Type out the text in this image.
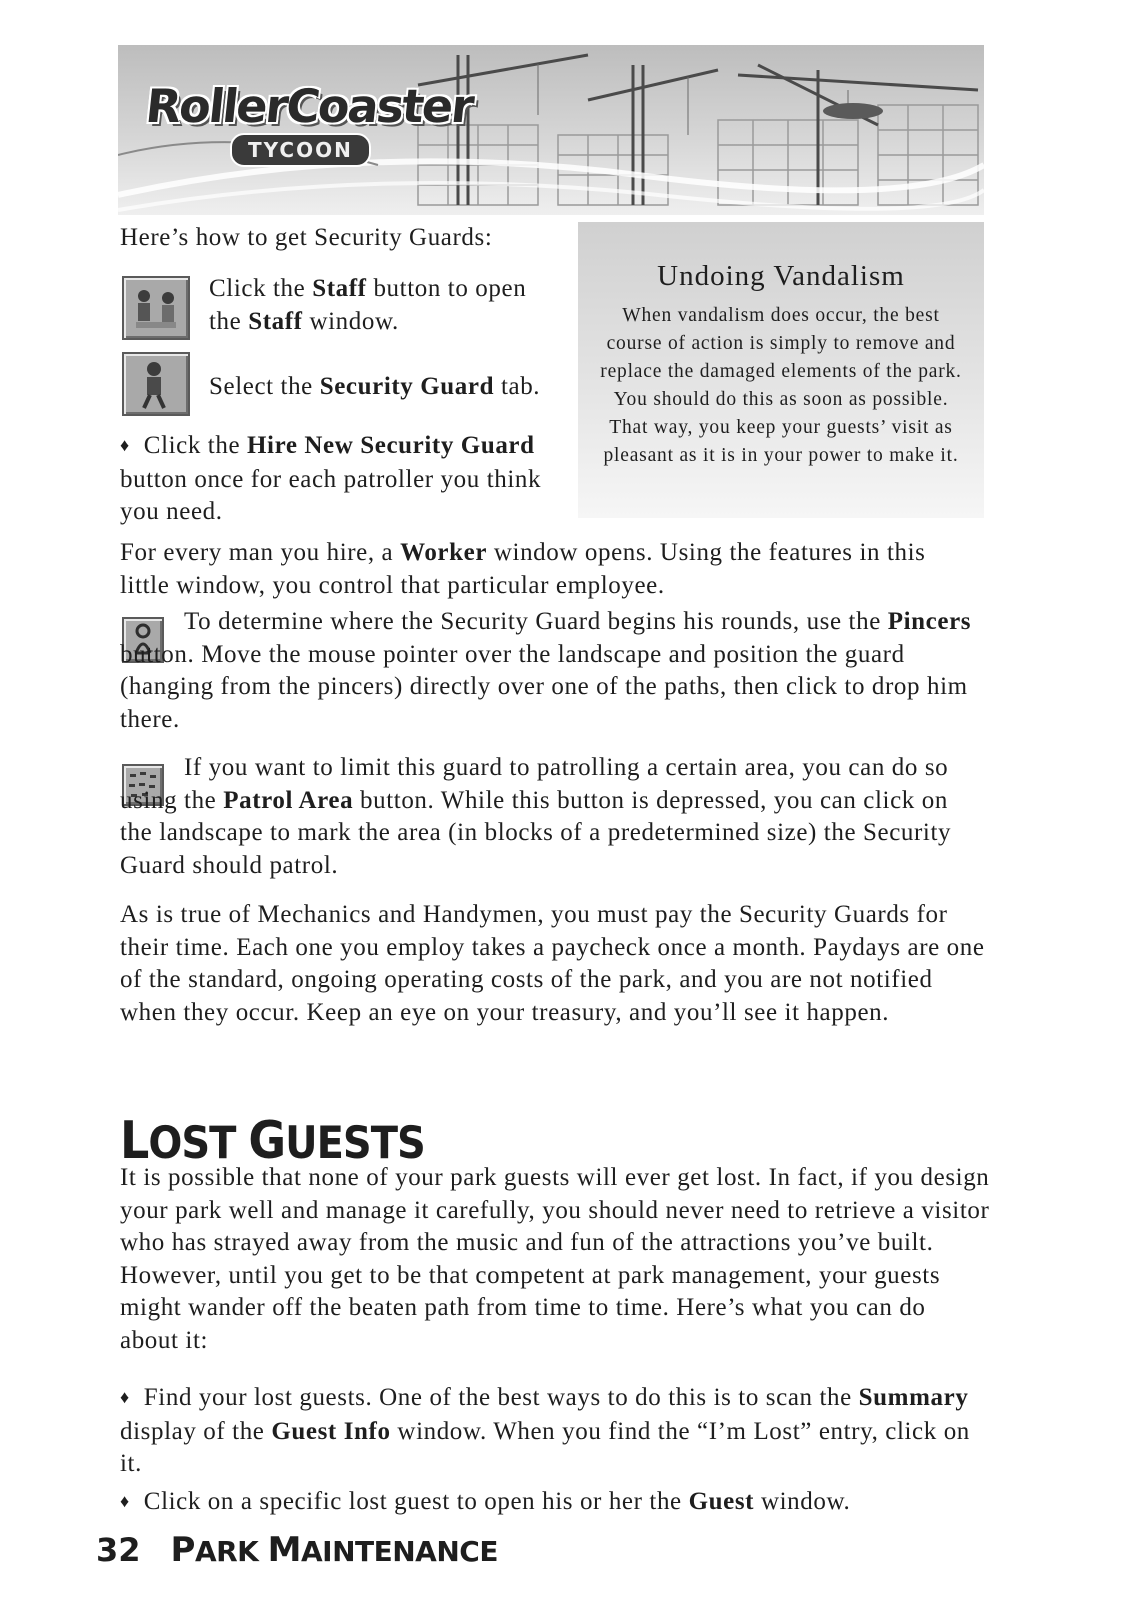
RollerCoaster
TYCOON

Here’s how to get Security Guards:

Click the Staff button to open the Staff window.

Select the Security Guard tab.

♦ Click the Hire New Security Guard button once for each patroller you think you need.

Undoing Vandalism

When vandalism does occur, the best course of action is simply to remove and replace the damaged elements of the park. You should do this as soon as possible. That way, you keep your guests’ visit as pleasant as it is in your power to make it.

For every man you hire, a Worker window opens. Using the features in this little window, you control that particular employee.

To determine where the Security Guard begins his rounds, use the Pincers button. Move the mouse pointer over the landscape and position the guard (hanging from the pincers) directly over one of the paths, then click to drop him there.

If you want to limit this guard to patrolling a certain area, you can do so using the Patrol Area button. While this button is depressed, you can click on the landscape to mark the area (in blocks of a predetermined size) the Security Guard should patrol.

As is true of Mechanics and Handymen, you must pay the Security Guards for their time. Each one you employ takes a paycheck once a month. Paydays are one of the standard, ongoing operating costs of the park, and you are not notified when they occur. Keep an eye on your treasury, and you’ll see it happen.

LOST GUESTS

It is possible that none of your park guests will ever get lost. In fact, if you design your park well and manage it carefully, you should never need to retrieve a visitor who has strayed away from the music and fun of the attractions you’ve built. However, until you get to be that competent at park management, your guests might wander off the beaten path from time to time. Here’s what you can do about it:

♦ Find your lost guests. One of the best ways to do this is to scan the Summary display of the Guest Info window. When you find the “I’m Lost” entry, click on it.

♦ Click on a specific lost guest to open his or her the Guest window.

32 PARK MAINTENANCE
